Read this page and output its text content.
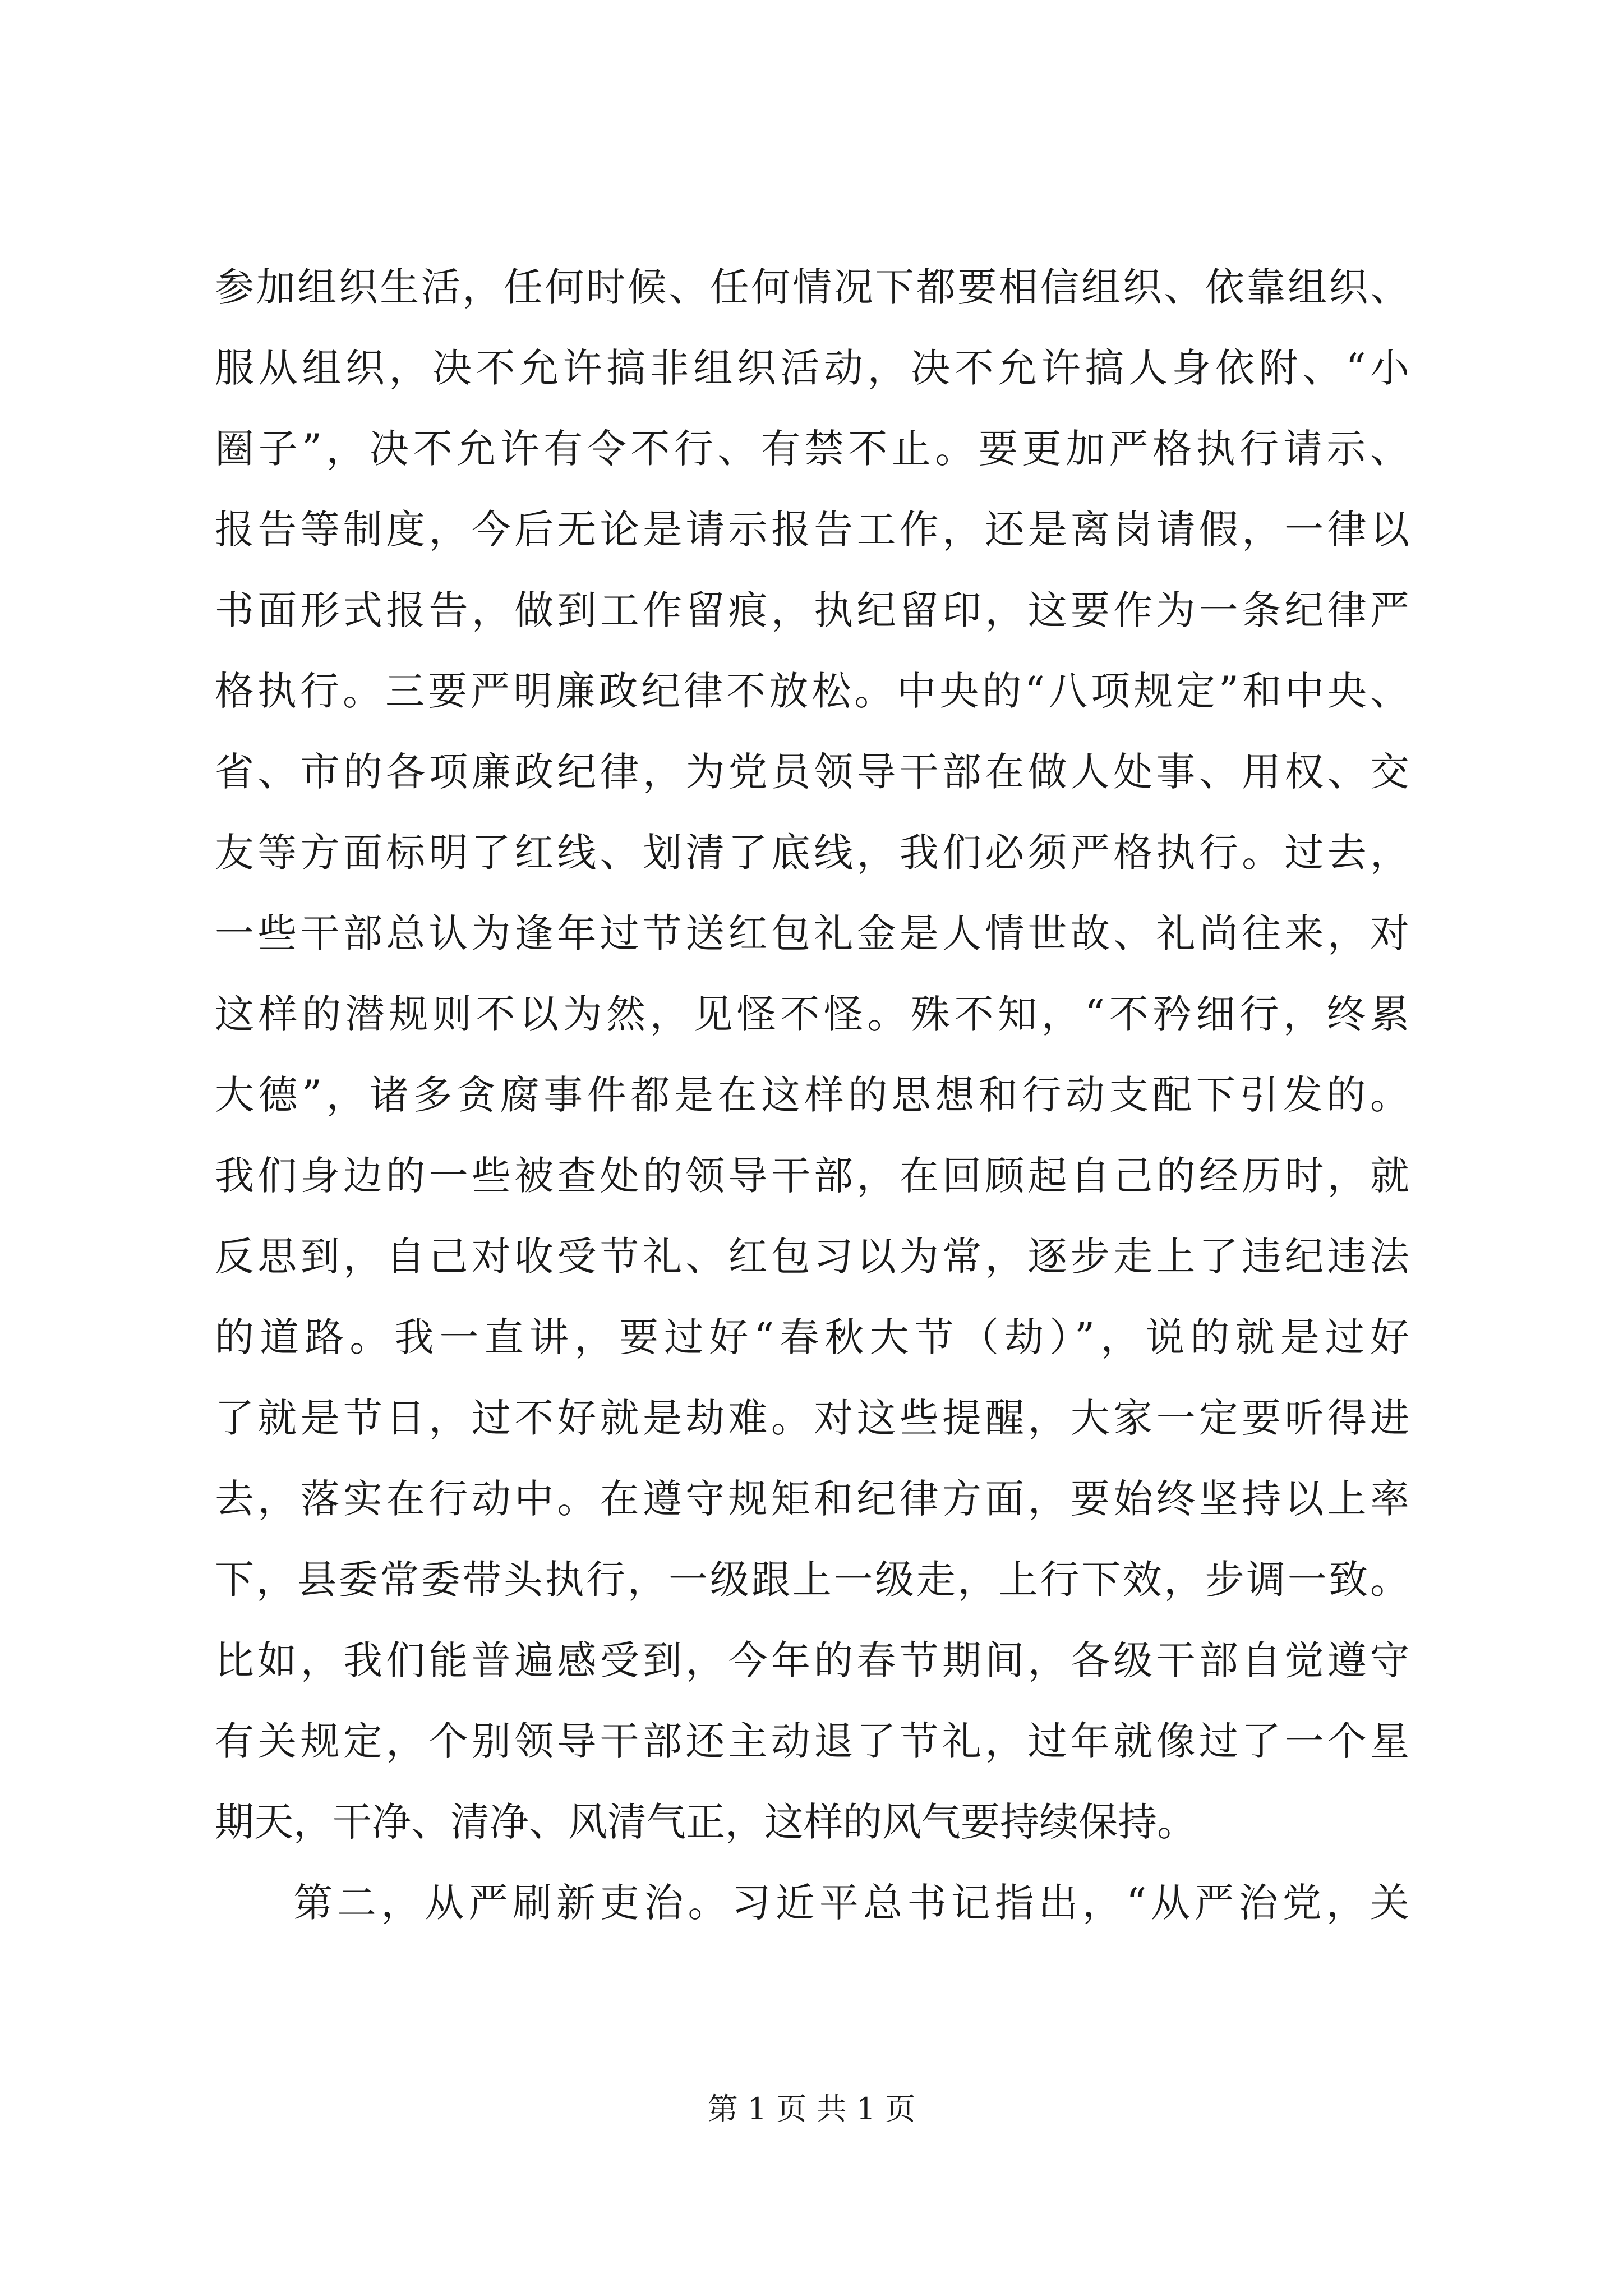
参加组织生活，任何时候、任何情况下都要相信组织、依靠组织、
服从组织，决不允许搞非组织活动，决不允许搞人身依附、“小
圈子”，决不允许有令不行、有禁不止。要更加严格执行请示、
报告等制度，今后无论是请示报告工作，还是离岗请假，一律以
书面形式报告，做到工作留痕，执纪留印，这要作为一条纪律严
格执行。三要严明廉政纪律不放松。中央的“八项规定”和中央、
省、市的各项廉政纪律，为党员领导干部在做人处事、用权、交
友等方面标明了红线、划清了底线，我们必须严格执行。过去，
一些干部总认为逢年过节送红包礼金是人情世故、礼尚往来，对
这样的潜规则不以为然，见怪不怪。殊不知，“不矜细行，终累
大德”，诸多贪腐事件都是在这样的思想和行动支配下引发的。
我们身边的一些被查处的领导干部，在回顾起自己的经历时，就
反思到，自己对收受节礼、红包习以为常，逐步走上了违纪违法
的道路。我一直讲，要过好“春秋大节（劫）”，说的就是过好
了就是节日，过不好就是劫难。对这些提醒，大家一定要听得进
去，落实在行动中。在遵守规矩和纪律方面，要始终坚持以上率
下，县委常委带头执行，一级跟上一级走，上行下效，步调一致。
比如，我们能普遍感受到，今年的春节期间，各级干部自觉遵守
有关规定，个别领导干部还主动退了节礼，过年就像过了一个星
期天，干净、清净、风清气正，这样的风气要持续保持。
第二，从严刷新吏治。习近平总书记指出，“从严治党，关
第 1 页 共 1 页
